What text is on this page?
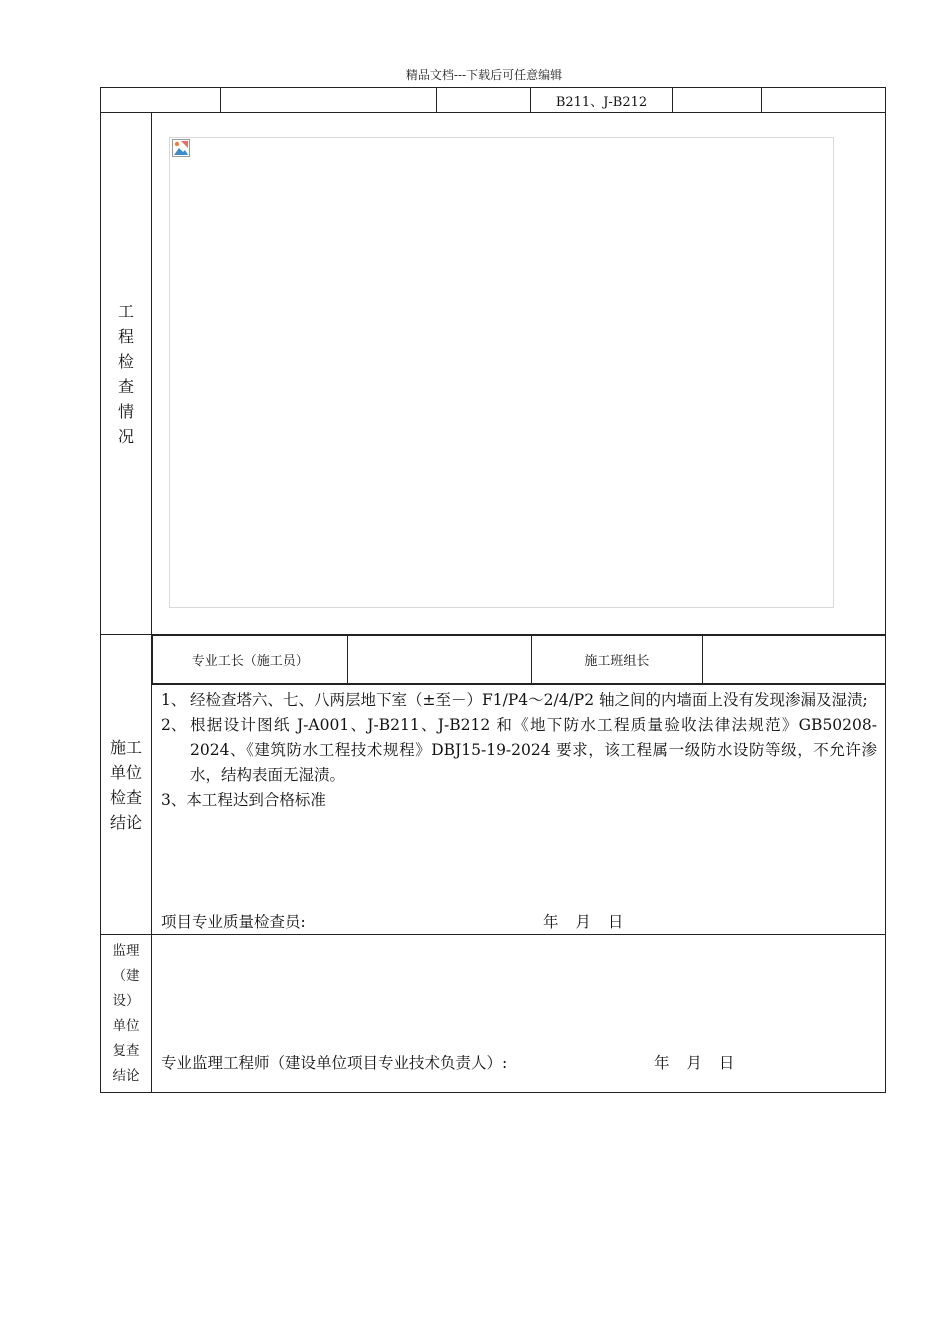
精品文档---下载后可任意编辑
			B211、J-B212		
工程检查情况	

施工单位检查结论	
专业工长（施工员）		施工班组长	

1、 经检查塔六、七、八两层地下室（±至－）F1/P4～2/4/P2 轴之间的内墙面上没有发现渗漏及湿渍;
2、 根据设计图纸 J-A001、J-B211、J-B212 和《地下防水工程质量验收法律法规范》GB50208-2024、《建筑防水工程技术规程》DBJ15-19-2024 要求，该工程属一级防水设防等级，不允许渗水，结构表面无湿渍。
3、 本工程达到合格标准
项目专业质量检查员:	年 月 日

监理
（建
设）
单位
复查
结论

专业监理工程师（建设单位项目专业技术负责人）:	年 月 日
